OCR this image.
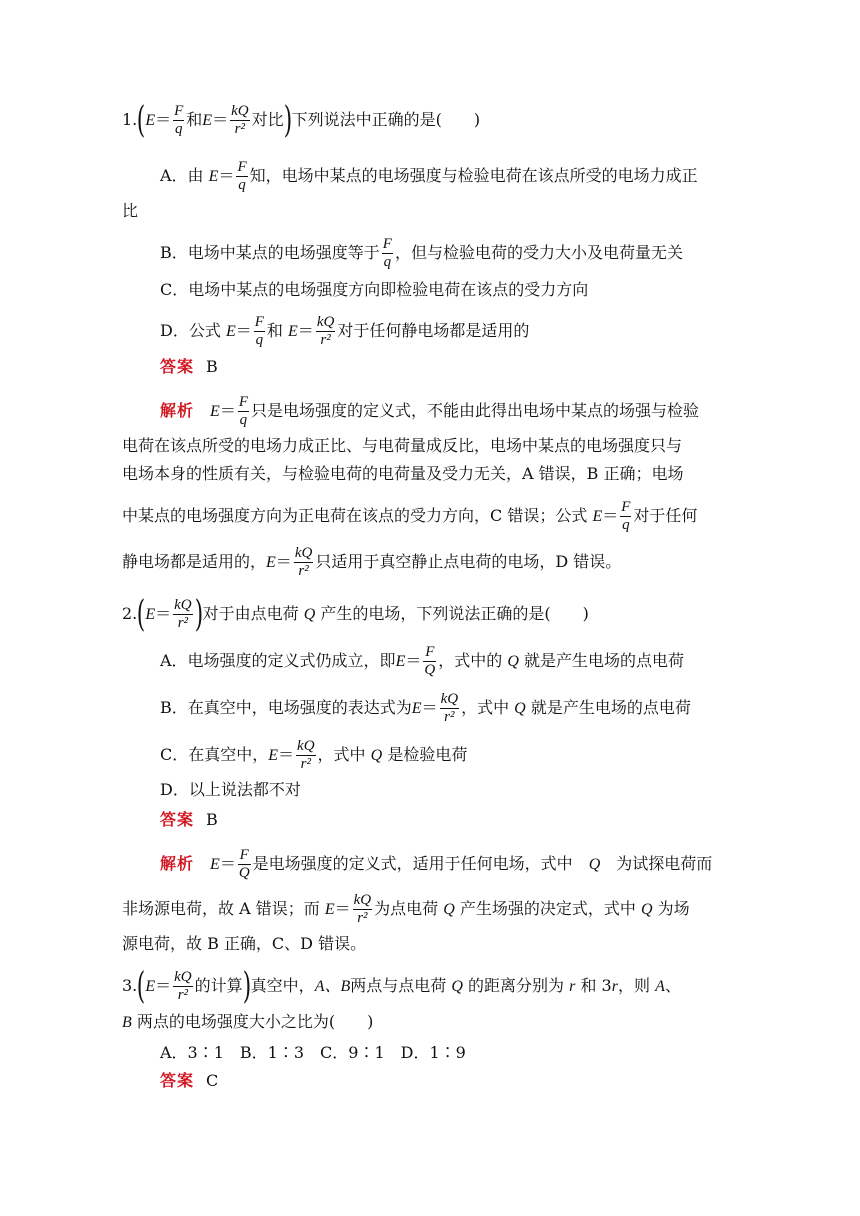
$1.(E= \frac{F}{q}$ 和$E= \frac{kQ}{\text{r²}}$ 对比)下列说法中正确的是(　　)
A．由 $E= \frac{F}{q}$ 知，电场中某点的电场强度与检验电荷在该点所受的电场力成正
比
B．电场中某点的电场强度等于 $\frac{F}{q}$ ，但与检验电荷的受力大小及电荷量无关
C．电场中某点的电场强度方向即检验电荷在该点的受力方向
D．公式 $E= \frac{F}{q}$ 和 $E= \frac{kQ}{\text{r²}}$ 对于任何静电场都是适用的
答案 B
解析　 $E= \frac{F}{q}$ 只是电场强度的定义式，不能由此得出电场中某点的场强与检验
电荷在该点所受的电场力成正比、与电荷量成反比，电场中某点的电场强度只与
电场本身的性质有关，与检验电荷的电荷量及受力无关，A 错误，B 正确；电场
中某点的电场强度方向为正电荷在该点的受力方向，C 错误；公式 $E= \frac{F}{q}$ 对于任何
静电场都是适用的，$E= \frac{kQ}{\text{r²}}$ 只适用于真空静止点电荷的电场，D 错误。
$2.(E= \frac{kQ}{\text{r²}}$ )对于由点电荷 Q 产生的电场，下列说法正确的是(　　)
A．电场强度的定义式仍成立，即$E= \frac{F}{Q}$ ，式中的 Q 就是产生电场的点电荷
B．在真空中，电场强度的表达式为$E= \frac{kQ}{\text{r²}}$ ，式中 Q 就是产生电场的点电荷
C．在真空中，$E= \frac{kQ}{\text{r²}}$ ，式中 Q 是检验电荷
D．以上说法都不对
答案 B
解析　 $E= \frac{F}{Q}$ 是电场强度的定义式，适用于任何电场，式中　 Q　 为试探电荷而
非场源电荷，故 A 错误；而 $E= \frac{kQ}{\text{r²}}$ 为点电荷 Q 产生场强的决定式，式中 Q 为场
源电荷，故 B 正确，C、D 错误。
$3.(E= \frac{kQ}{\text{r²}}$ 的计算)真空中，A、B两点与点电荷 Q 的距离分别为 r 和 3r，则 A、
B 两点的电场强度大小之比为(　　)
A．3∶1　B．1∶3　C．9∶1　D．1∶9
答案 C
